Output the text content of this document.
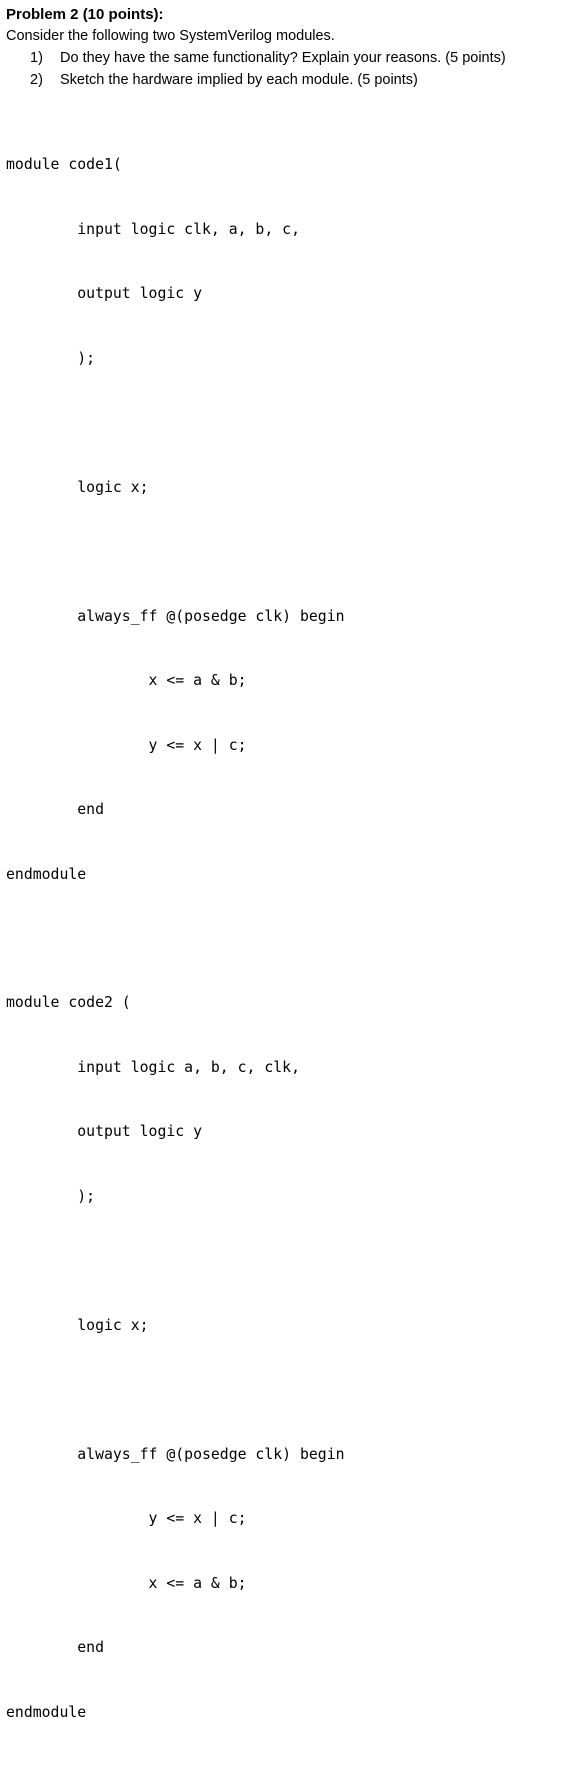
Problem 2 (10 points):
Consider the following two SystemVerilog modules.
1) Do they have the same functionality? Explain your reasons. (5 points)
2) Sketch the hardware implied by each module. (5 points)

module code1(

input logic clk, a, b, c,

output logic y

);

logic x;

always_ff @(posedge clk) begin

x <= a & b;

y <= x | c;

end

endmodule

module code2 (

input logic a, b, c, clk,

output logic y

);

logic x;

always_ff @(posedge clk) begin

y <= x | c;

x <= a & b;

end

endmodule
